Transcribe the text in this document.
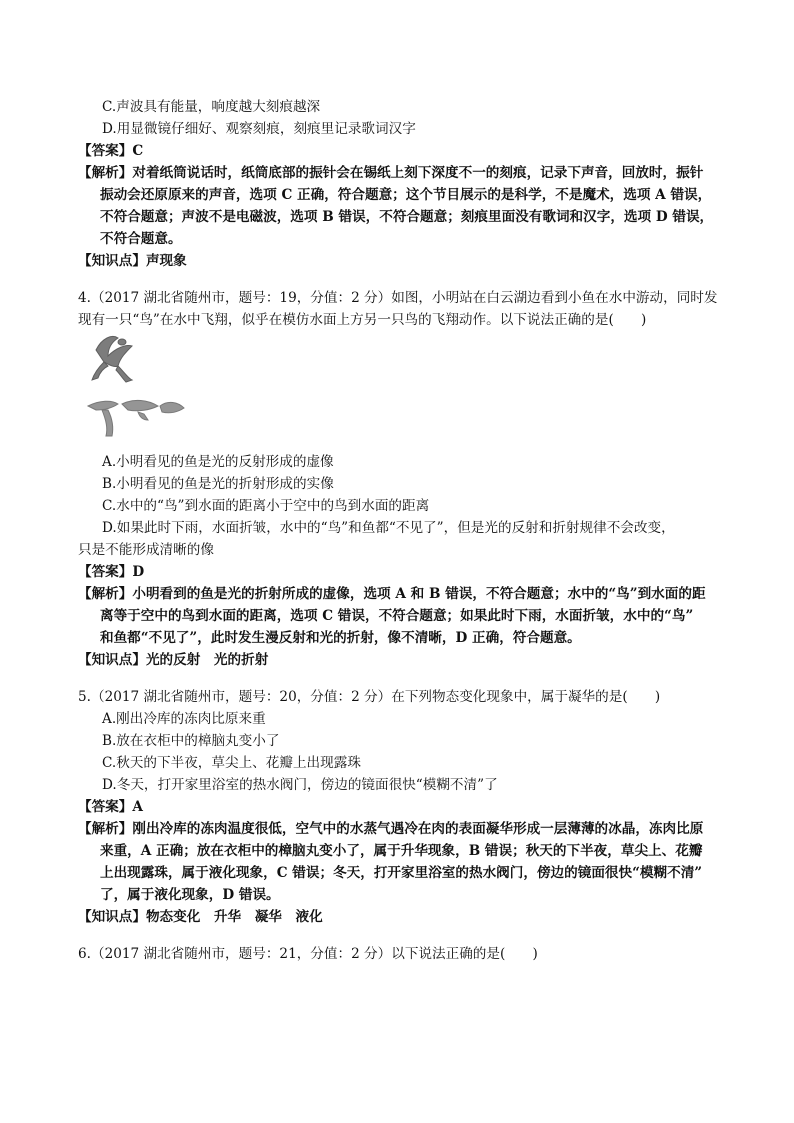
C.声波具有能量，响度越大刻痕越深
D.用显微镜仔细好、观察刻痕，刻痕里记录歌词汉字
【答案】C
【解析】对着纸筒说话时，纸筒底部的振针会在锡纸上刻下深度不一的刻痕，记录下声音，回放时，振针
振动会还原原来的声音，选项 C 正确，符合题意；这个节目展示的是科学，不是魔术，选项 A 错误，
不符合题意；声波不是电磁波，选项 B 错误，不符合题意；刻痕里面没有歌词和汉字，选项 D 错误，
不符合题意。
【知识点】声现象
4.（2017 湖北省随州市，题号：19，分值：2 分）如图，小明站在白云湖边看到小鱼在水中游动，同时发
现有一只“鸟”在水中飞翔，似乎在模仿水面上方另一只鸟的飞翔动作。以下说法正确的是(　　)
A.小明看见的鱼是光的反射形成的虚像
B.小明看见的鱼是光的折射形成的实像
C.水中的“鸟”到水面的距离小于空中的鸟到水面的距离
D.如果此时下雨，水面折皱，水中的“鸟”和鱼都“不见了”，但是光的反射和折射规律不会改变，
只是不能形成清晰的像
【答案】D
【解析】小明看到的鱼是光的折射所成的虚像，选项 A 和 B 错误，不符合题意；水中的“鸟”到水面的距
离等于空中的鸟到水面的距离，选项 C 错误，不符合题意；如果此时下雨，水面折皱，水中的“鸟”
和鱼都“不见了”，此时发生漫反射和光的折射，像不清晰，D 正确，符合题意。
【知识点】光的反射　光的折射
5.（2017 湖北省随州市，题号：20，分值：2 分）在下列物态变化现象中，属于凝华的是(　　)
A.刚出冷库的冻肉比原来重
B.放在衣柜中的樟脑丸变小了
C.秋天的下半夜，草尖上、花瓣上出现露珠
D.冬天，打开家里浴室的热水阀门，傍边的镜面很快“模糊不清”了
【答案】A
【解析】刚出冷库的冻肉温度很低，空气中的水蒸气遇冷在肉的表面凝华形成一层薄薄的冰晶，冻肉比原
来重，A 正确；放在衣柜中的樟脑丸变小了，属于升华现象，B 错误；秋天的下半夜，草尖上、花瓣
上出现露珠，属于液化现象，C 错误；冬天，打开家里浴室的热水阀门，傍边的镜面很快“模糊不清”
了，属于液化现象，D 错误。
【知识点】物态变化　升华　凝华　液化
6.（2017 湖北省随州市，题号：21，分值：2 分）以下说法正确的是(　　)
